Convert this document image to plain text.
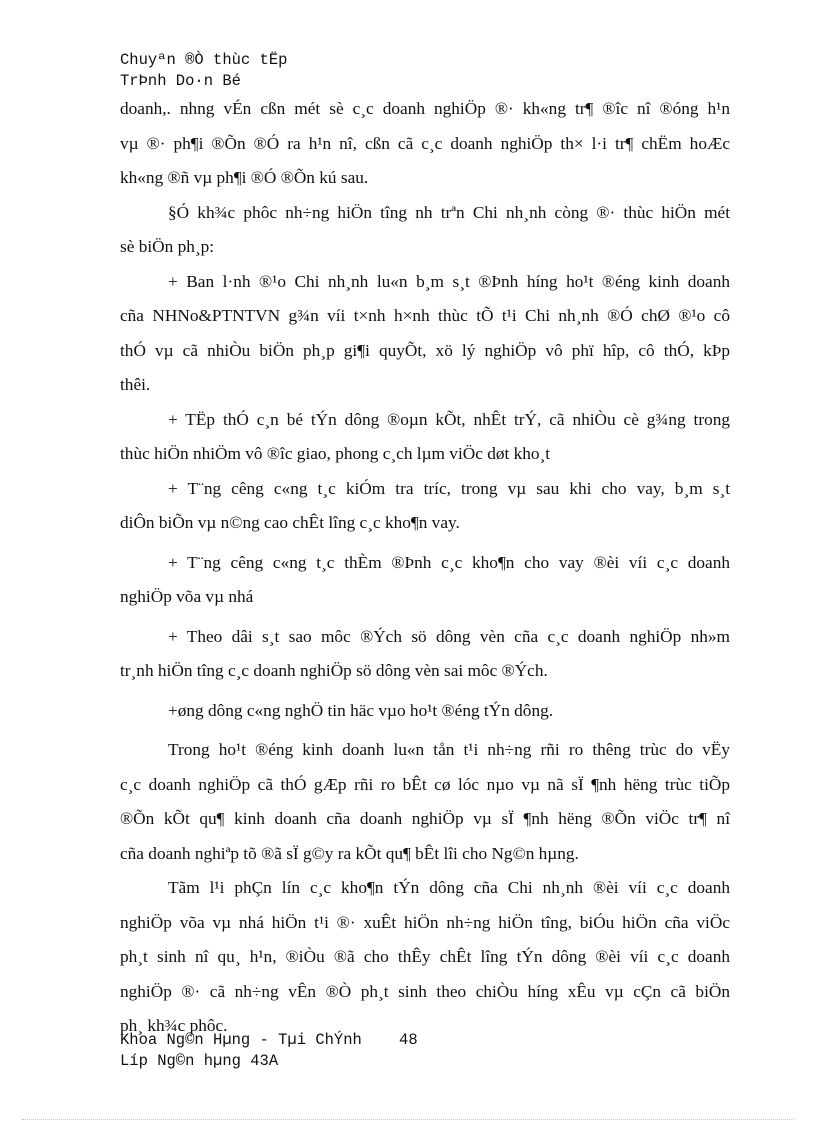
Chuyªn ®Ò thùc tËp
TrÞnh Do·n Bé
doanh,. nhng vÉn cßn mét sè c¸c doanh nghiÖp ®· kh«ng tr¶ ®îc nî ®óng h¹n
vµ ®· ph¶i ®Õn ®Ó ra h¹n nî, cßn cã c¸c doanh nghiÖp th× l·i tr¶ chËm hoÆc
kh«ng ®ñ vµ ph¶i ®Ó ®Õn kú sau.
§Ó kh¾c phôc nh÷ng hiÖn tîng nh trªn Chi nh¸nh còng ®· thùc hiÖn mét
sè biÖn ph¸p:
+ Ban l·nh ®¹o Chi nh¸nh lu«n b¸m s¸t ®Þnh híng ho¹t ®éng kinh doanh
cña NHNo&PTNTVN g¾n víi t×nh h×nh thùc tÕ t¹i Chi nh¸nh ®Ó chØ ®¹o cô
thÓ vµ cã nhiÒu biÖn ph¸p gi¶i quyÕt, xö lý nghiÖp vô phï hîp, cô thÓ, kÞp
thêi.
+ TËp thÓ c¸n bé tÝn dông ®oµn kÕt, nhÊt trÝ, cã nhiÒu cè g¾ng trong
thùc hiÖn nhiÖm vô ®îc giao, phong c¸ch lµm viÖc døt kho¸t
+ T¨ng cêng c«ng t¸c kiÓm tra tríc, trong vµ sau khi cho vay, b¸m s¸t
diÔn biÕn vµ n©ng cao chÊt lîng c¸c kho¶n vay.
+ T¨ng cêng c«ng t¸c thÈm ®Þnh c¸c kho¶n cho vay ®èi víi c¸c doanh
nghiÖp võa vµ nhá
+ Theo dâi s¸t sao môc ®Ých sö dông vèn cña c¸c doanh nghiÖp nh»m
tr¸nh hiÖn tîng c¸c doanh nghiÖp sö dông vèn sai môc ®Ých.
+øng dông c«ng nghÖ tin häc vµo ho¹t ®éng tÝn dông.
Trong ho¹t ®éng kinh doanh lu«n tån t¹i nh÷ng rñi ro thêng trùc do vËy
c¸c doanh nghiÖp cã thÓ gÆp rñi ro bÊt cø lóc nµo vµ nã sÏ ¶nh hëng trùc tiÕp
®Õn kÕt qu¶ kinh doanh cña doanh nghiÖp vµ sÏ ¶nh hëng ®Õn viÖc tr¶ nî
cña doanh nghiªp tõ ®ã sÏ g©y ra kÕt qu¶ bÊt lîi cho Ng©n hµng.
Tãm l¹i phÇn lín c¸c kho¶n tÝn dông cña Chi nh¸nh ®èi víi c¸c doanh
nghiÖp võa vµ nhá hiÖn t¹i ®· xuÊt hiÖn nh÷ng hiÖn tîng, biÓu hiÖn cña viÖc
ph¸t sinh nî qu¸ h¹n, ®iÒu ®ã cho thÊy chÊt lîng tÝn dông ®èi víi c¸c doanh
nghiÖp ®· cã nh÷ng vÊn ®Ò ph¸t sinh theo chiÒu híng xÊu vµ cÇn cã biÖn
ph¸ kh¾c phôc.
Khoa Ng©n Hµng - Tµi ChÝnh    48
Líp Ng©n hµng 43A
